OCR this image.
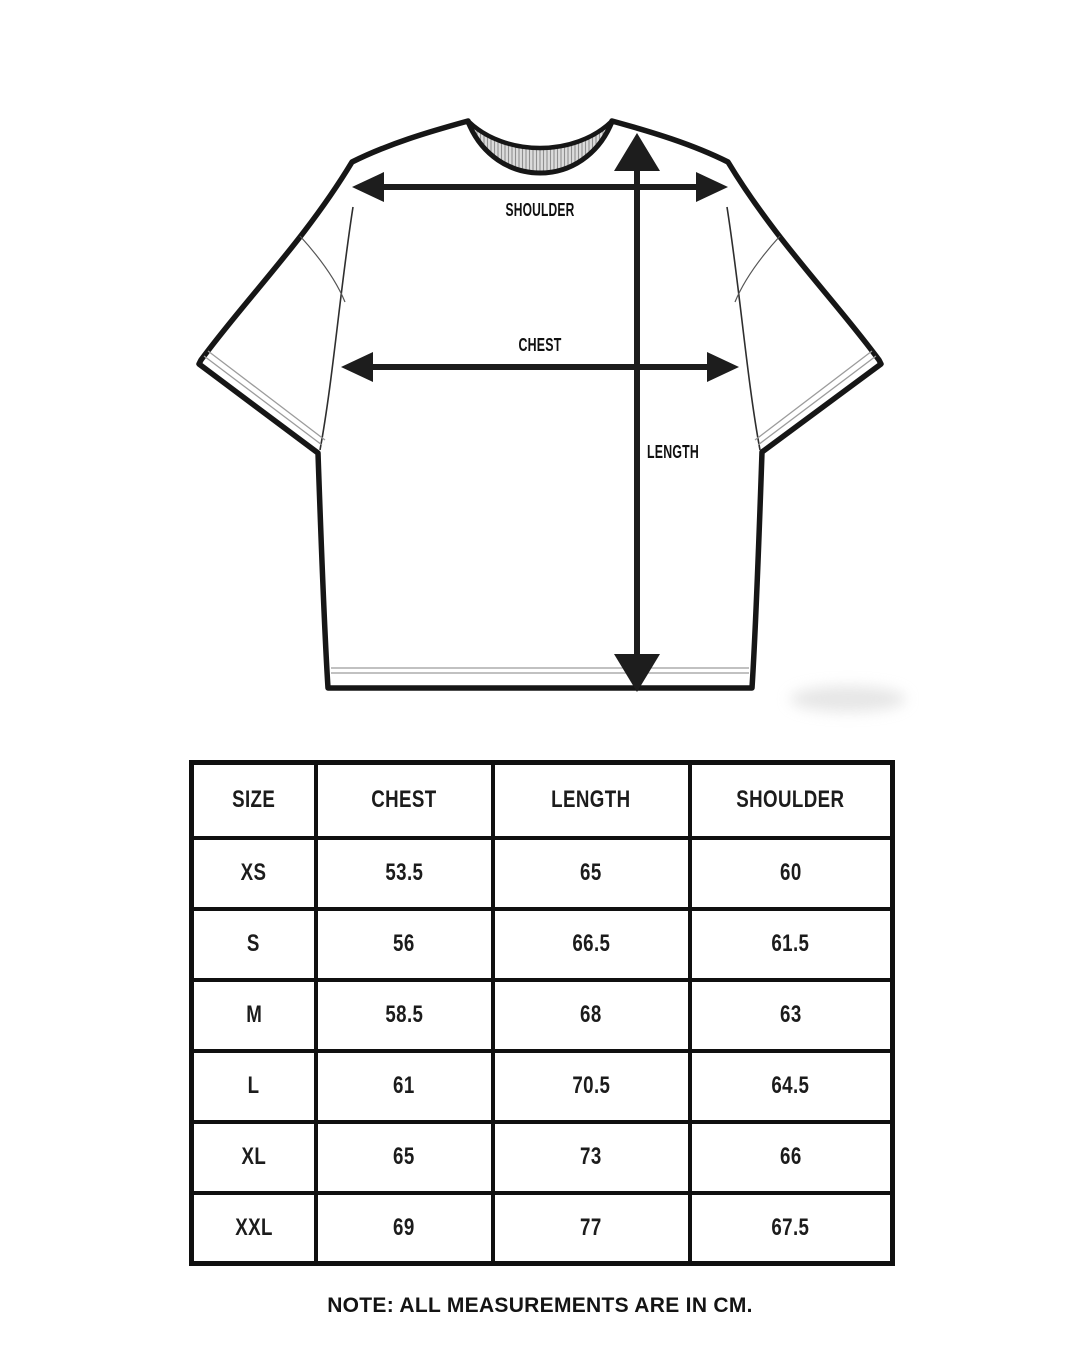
SHOULDER
CHEST
LENGTH
SIZE	CHEST	LENGTH	SHOULDER
XS	53.5	65	60
S	56	66.5	61.5
M	58.5	68	63
L	61	70.5	64.5
XL	65	73	66
XXL	69	77	67.5
NOTE: ALL MEASUREMENTS ARE IN CM.
